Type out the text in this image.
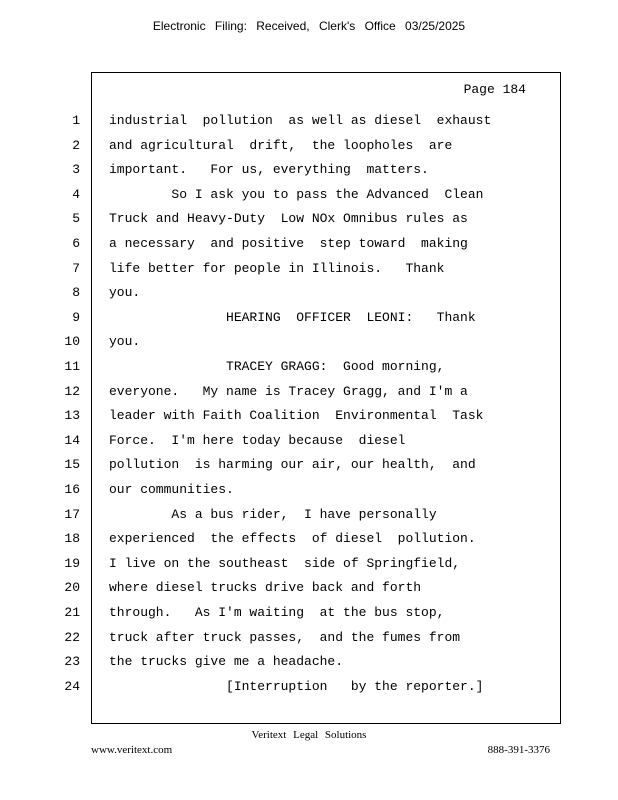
Electronic Filing: Received, Clerk's Office 03/25/2025
Page 184
1 industrial  pollution  as well as diesel  exhaust
2 and agricultural  drift,  the loopholes  are
3 important.   For us, everything  matters.
4 So I ask you to pass the Advanced  Clean
5 Truck and Heavy-Duty  Low NOx Omnibus rules as
6 a necessary  and positive  step toward  making
7 life better for people in Illinois.   Thank
8 you.
9 HEARING  OFFICER  LEONI:   Thank
10 you.
11 TRACEY GRAGG:  Good morning,
12 everyone.   My name is Tracey Gragg, and I'm a
13 leader with Faith Coalition  Environmental  Task
14 Force.  I'm here today because  diesel
15 pollution  is harming our air, our health,  and
16 our communities.
17 As a bus rider,  I have personally
18 experienced  the effects  of diesel  pollution.
19 I live on the southeast  side of Springfield,
20 where diesel trucks drive back and forth
21 through.   As I'm waiting  at the bus stop,
22 truck after truck passes,  and the fumes from
23 the trucks give me a headache.
24 [Interruption   by the reporter.]
Veritext Legal Solutions
www.veritext.com	888-391-3376
